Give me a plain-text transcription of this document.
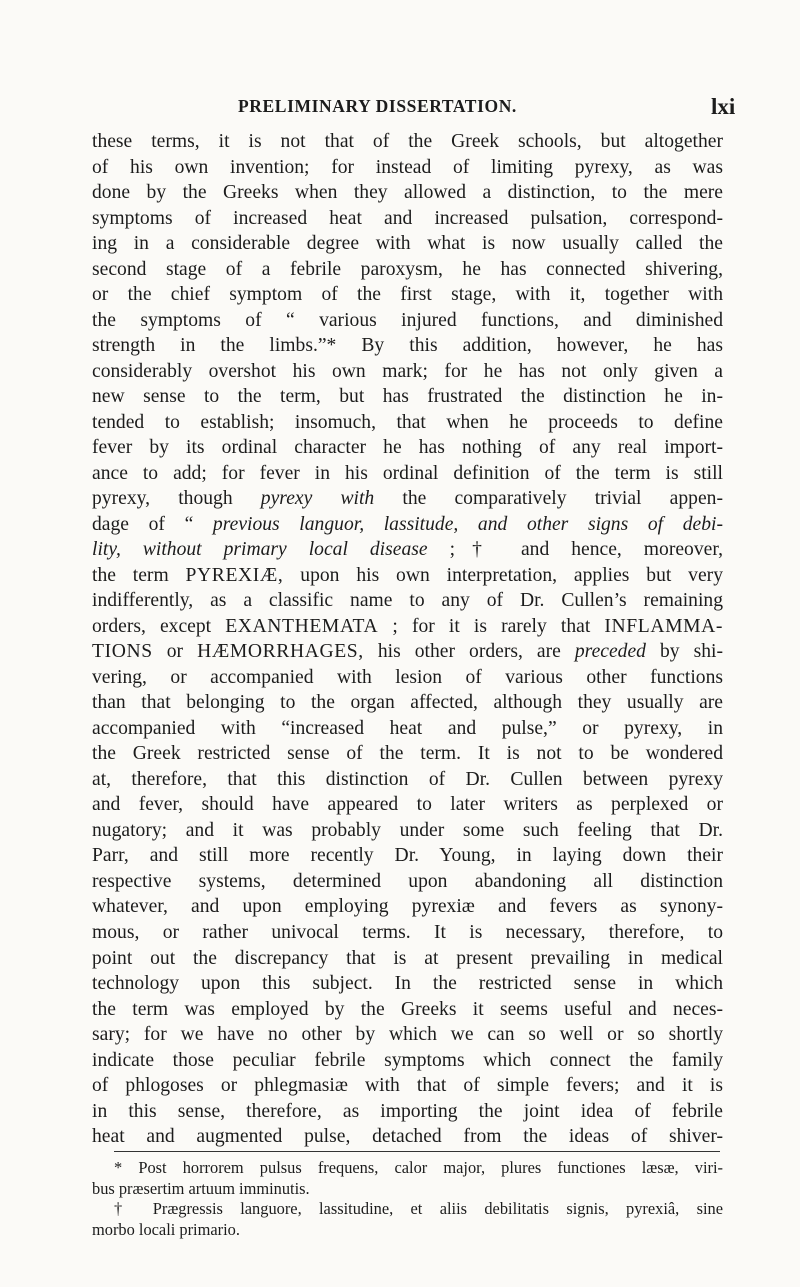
PRELIMINARY DISSERTATION.	lxi
these terms, it is not that of the Greek schools, but altogether
of his own invention; for instead of limiting pyrexy, as was
done by the Greeks when they allowed a distinction, to the mere
symptoms of increased heat and increased pulsation, correspond-
ing in a considerable degree with what is now usually called the
second stage of a febrile paroxysm, he has connected shivering,
or the chief symptom of the first stage, with it, together with
the symptoms of “ various injured functions, and diminished
strength in the limbs.”* By this addition, however, he has
considerably overshot his own mark; for he has not only given a
new sense to the term, but has frustrated the distinction he in-
tended to establish; insomuch, that when he proceeds to define
fever by its ordinal character he has nothing of any real import-
ance to add; for fever in his ordinal definition of the term is still
pyrexy, though pyrexy with the comparatively trivial appen-
dage of “ previous languor, lassitude, and other signs of debi-
lity, without primary local disease ;† and hence, moreover,
the term PYREXIÆ, upon his own interpretation, applies but very
indifferently, as a classific name to any of Dr. Cullen’s remaining
orders, except EXANTHEMATA ; for it is rarely that INFLAMMA-
TIONS or HÆMORRHAGES, his other orders, are preceded by shi-
vering, or accompanied with lesion of various other functions
than that belonging to the organ affected, although they usually are
accompanied with “increased heat and pulse,” or pyrexy, in
the Greek restricted sense of the term. It is not to be wondered
at, therefore, that this distinction of Dr. Cullen between pyrexy
and fever, should have appeared to later writers as perplexed or
nugatory; and it was probably under some such feeling that Dr.
Parr, and still more recently Dr. Young, in laying down their
respective systems, determined upon abandoning all distinction
whatever, and upon employing pyrexiæ and fevers as synony-
mous, or rather univocal terms. It is necessary, therefore, to
point out the discrepancy that is at present prevailing in medical
technology upon this subject. In the restricted sense in which
the term was employed by the Greeks it seems useful and neces-
sary; for we have no other by which we can so well or so shortly
indicate those peculiar febrile symptoms which connect the family
of phlogoses or phlegmasiæ with that of simple fevers; and it is
in this sense, therefore, as importing the joint idea of febrile
heat and augmented pulse, detached from the ideas of shiver-
* Post horrorem pulsus frequens, calor major, plures functiones læsæ, viri-
bus præsertim artuum imminutis.
† Prægressis languore, lassitudine, et aliis debilitatis signis, pyrexiâ, sine
morbo locali primario.
